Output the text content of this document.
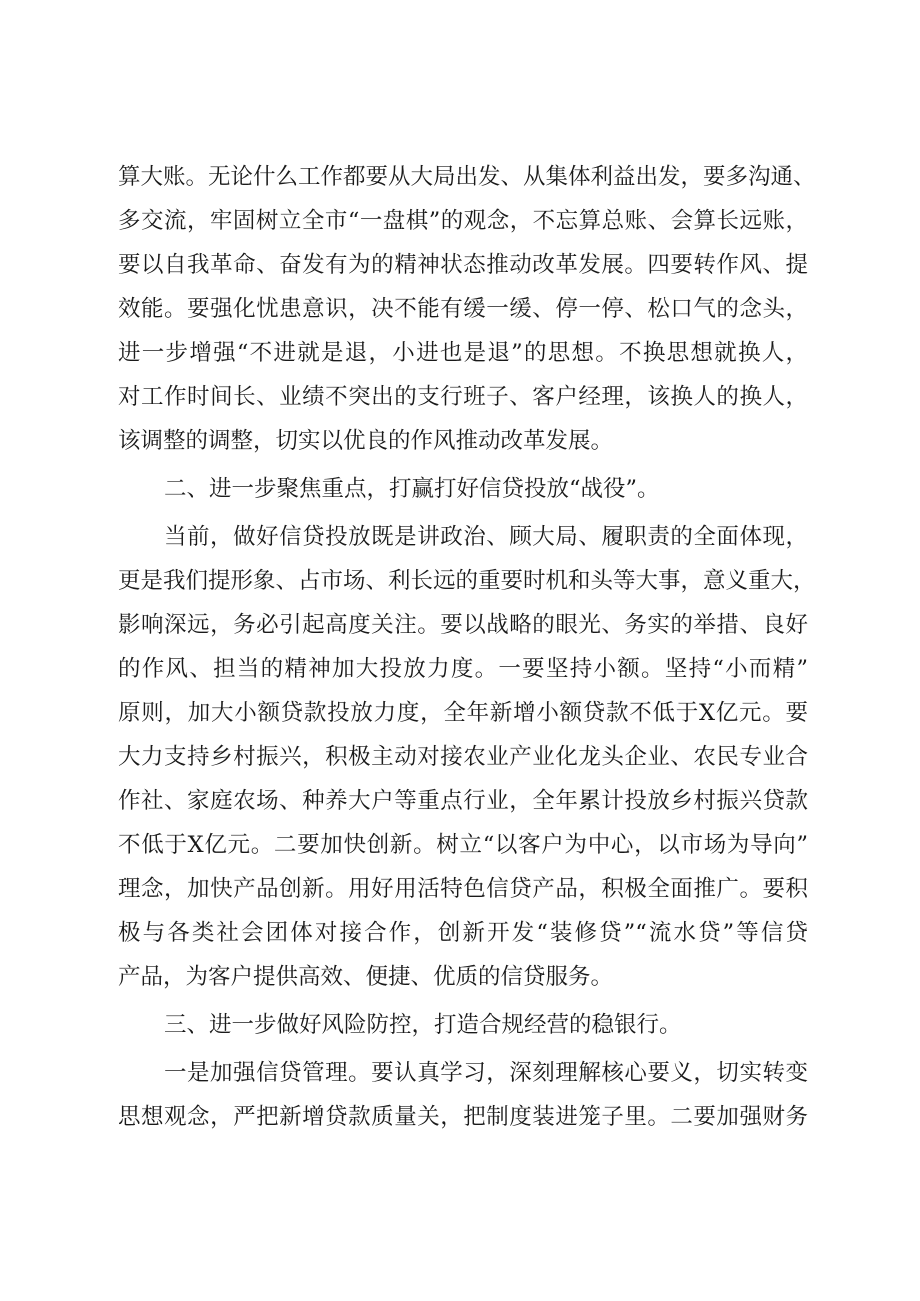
算大账。无论什么工作都要从大局出发、从集体利益出发，要多沟通、
多交流，牢固树立全市“一盘棋”的观念，不忘算总账、会算长远账，
要以自我革命、奋发有为的精神状态推动改革发展。四要转作风、提
效能。要强化忧患意识，决不能有缓一缓、停一停、松口气的念头，
进一步增强“不进就是退，小进也是退”的思想。不换思想就换人，
对工作时间长、业绩不突出的支行班子、客户经理，该换人的换人，
该调整的调整，切实以优良的作风推动改革发展。
二、进一步聚焦重点，打赢打好信贷投放“战役”。
当前，做好信贷投放既是讲政治、顾大局、履职责的全面体现，
更是我们提形象、占市场、利长远的重要时机和头等大事，意义重大，
影响深远，务必引起高度关注。要以战略的眼光、务实的举措、良好
的作风、担当的精神加大投放力度。一要坚持小额。坚持“小而精”
原则，加大小额贷款投放力度，全年新增小额贷款不低于X亿元。要
大力支持乡村振兴，积极主动对接农业产业化龙头企业、农民专业合
作社、家庭农场、种养大户等重点行业，全年累计投放乡村振兴贷款
不低于X亿元。二要加快创新。树立“以客户为中心，以市场为导向”
理念，加快产品创新。用好用活特色信贷产品，积极全面推广。要积
极与各类社会团体对接合作，创新开发“装修贷”“流水贷”等信贷
产品，为客户提供高效、便捷、优质的信贷服务。
三、进一步做好风险防控，打造合规经营的稳银行。
一是加强信贷管理。要认真学习，深刻理解核心要义，切实转变
思想观念，严把新增贷款质量关，把制度装进笼子里。二要加强财务
